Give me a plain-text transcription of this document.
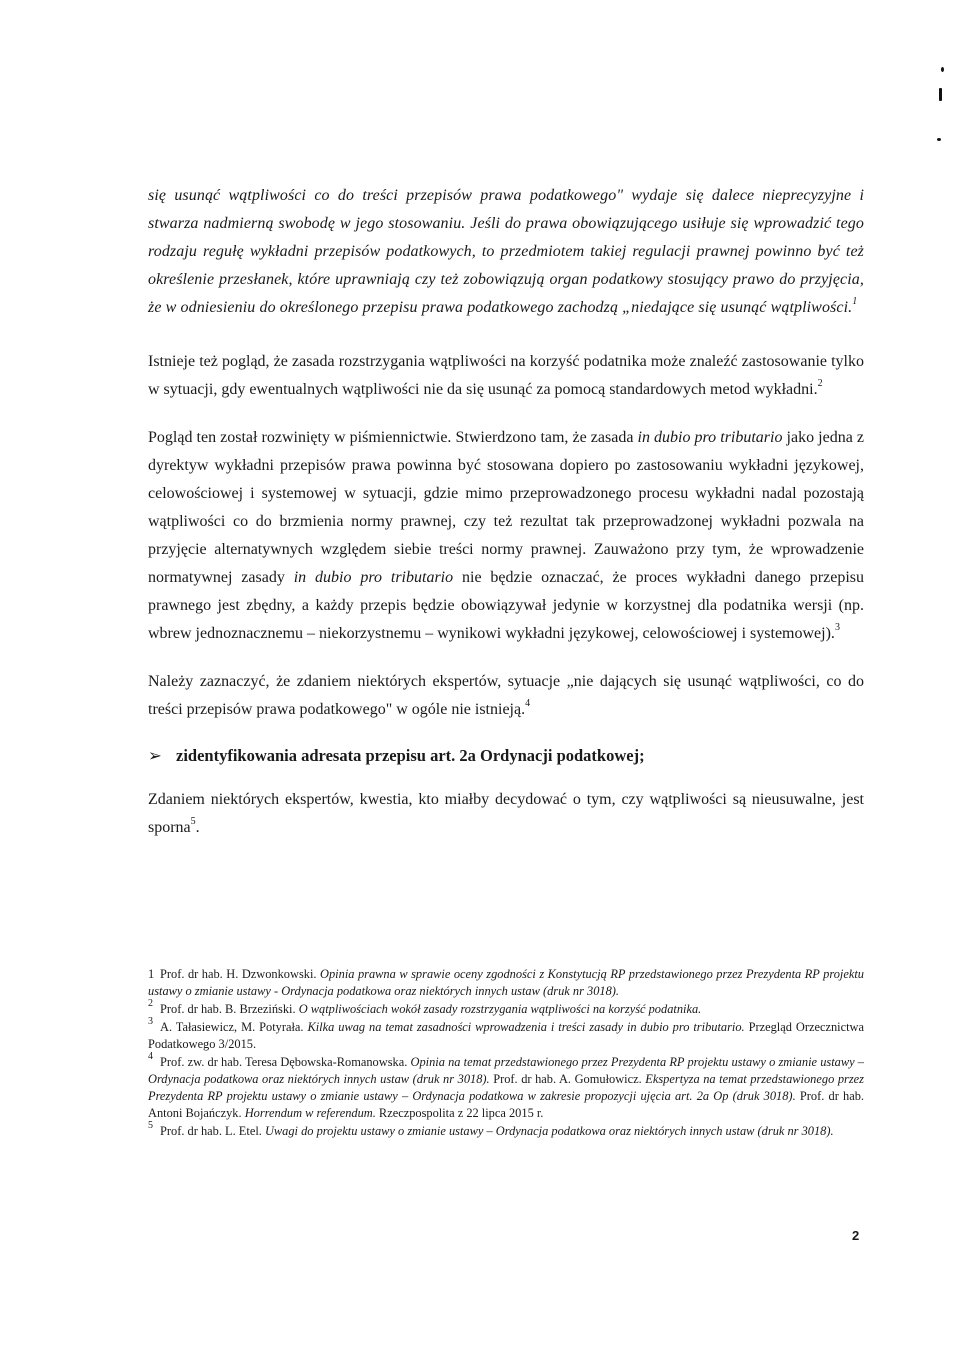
się usunąć wątpliwości co do treści przepisów prawa podatkowego" wydaje się dalece nieprecyzyjne i stwarza nadmierną swobodę w jego stosowaniu. Jeśli do prawa obowiązującego usiłuje się wprowadzić tego rodzaju regułę wykładni przepisów podatkowych, to przedmiotem takiej regulacji prawnej powinno być też określenie przesłanek, które uprawniają czy też zobowiązują organ podatkowy stosujący prawo do przyjęcia, że w odniesieniu do określonego przepisu prawa podatkowego zachodzą „niedające się usunąć wątpliwości.$^1$

Istnieje też pogląd, że zasada rozstrzygania wątpliwości na korzyść podatnika może znaleźć zastosowanie tylko w sytuacji, gdy ewentualnych wątpliwości nie da się usunąć za pomocą standardowych metod wykładni.$^2$

Pogląd ten został rozwinięty w piśmiennictwie. Stwierdzono tam, że zasada in dubio pro tributario jako jedna z dyrektyw wykładni przepisów prawa powinna być stosowana dopiero po zastosowaniu wykładni językowej, celowościowej i systemowej w sytuacji, gdzie mimo przeprowadzonego procesu wykładni nadal pozostają wątpliwości co do brzmienia normy prawnej, czy też rezultat tak przeprowadzonej wykładni pozwala na przyjęcie alternatywnych względem siebie treści normy prawnej. Zauważono przy tym, że wprowadzenie normatywnej zasady in dubio pro tributario nie będzie oznaczać, że proces wykładni danego przepisu prawnego jest zbędny, a każdy przepis będzie obowiązywał jedynie w korzystnej dla podatnika wersji (np. wbrew jednoznacznemu – niekorzystnemu – wynikowi wykładni językowej, celowościowej i systemowej).$^3$

Należy zaznaczyć, że zdaniem niektórych ekspertów, sytuacje „nie dających się usunąć wątpliwości, co do treści przepisów prawa podatkowego" w ogóle nie istnieją.$^4$

➢ zidentyfikowania adresata przepisu art. 2a Ordynacji podatkowej;

Zdaniem niektórych ekspertów, kwestia, kto miałby decydować o tym, czy wątpliwości są nieusuwalne, jest sporna$^5$.

1 Prof. dr hab. H. Dzwonkowski. Opinia prawna w sprawie oceny zgodności z Konstytucją RP przedstawionego przez Prezydenta RP projektu ustawy o zmianie ustawy - Ordynacja podatkowa oraz niektórych innych ustaw (druk nr 3018).

$^2$ Prof. dr hab. B. Brzeziński. O wątpliwościach wokół zasady rozstrzygania wątpliwości na korzyść podatnika.

$^3$ A. Tałasiewicz, M. Potyrała. Kilka uwag na temat zasadności wprowadzenia i treści zasady in dubio pro tributario. Przegląd Orzecznictwa Podatkowego 3/2015.

$^4$ Prof. zw. dr hab. Teresa Dębowska-Romanowska. Opinia na temat przedstawionego przez Prezydenta RP projektu ustawy o zmianie ustawy – Ordynacja podatkowa oraz niektórych innych ustaw (druk nr 3018). Prof. dr hab. A. Gomułowicz. Ekspertyza na temat przedstawionego przez Prezydenta RP projektu ustawy o zmianie ustawy – Ordynacja podatkowa w zakresie propozycji ujęcia art. 2a Op (druk 3018). Prof. dr hab. Antoni Bojańczyk. Horrendum w referendum. Rzeczpospolita z 22 lipca 2015 r.

$^5$ Prof. dr hab. L. Etel. Uwagi do projektu ustawy o zmianie ustawy – Ordynacja podatkowa oraz niektórych innych ustaw (druk nr 3018).

2
